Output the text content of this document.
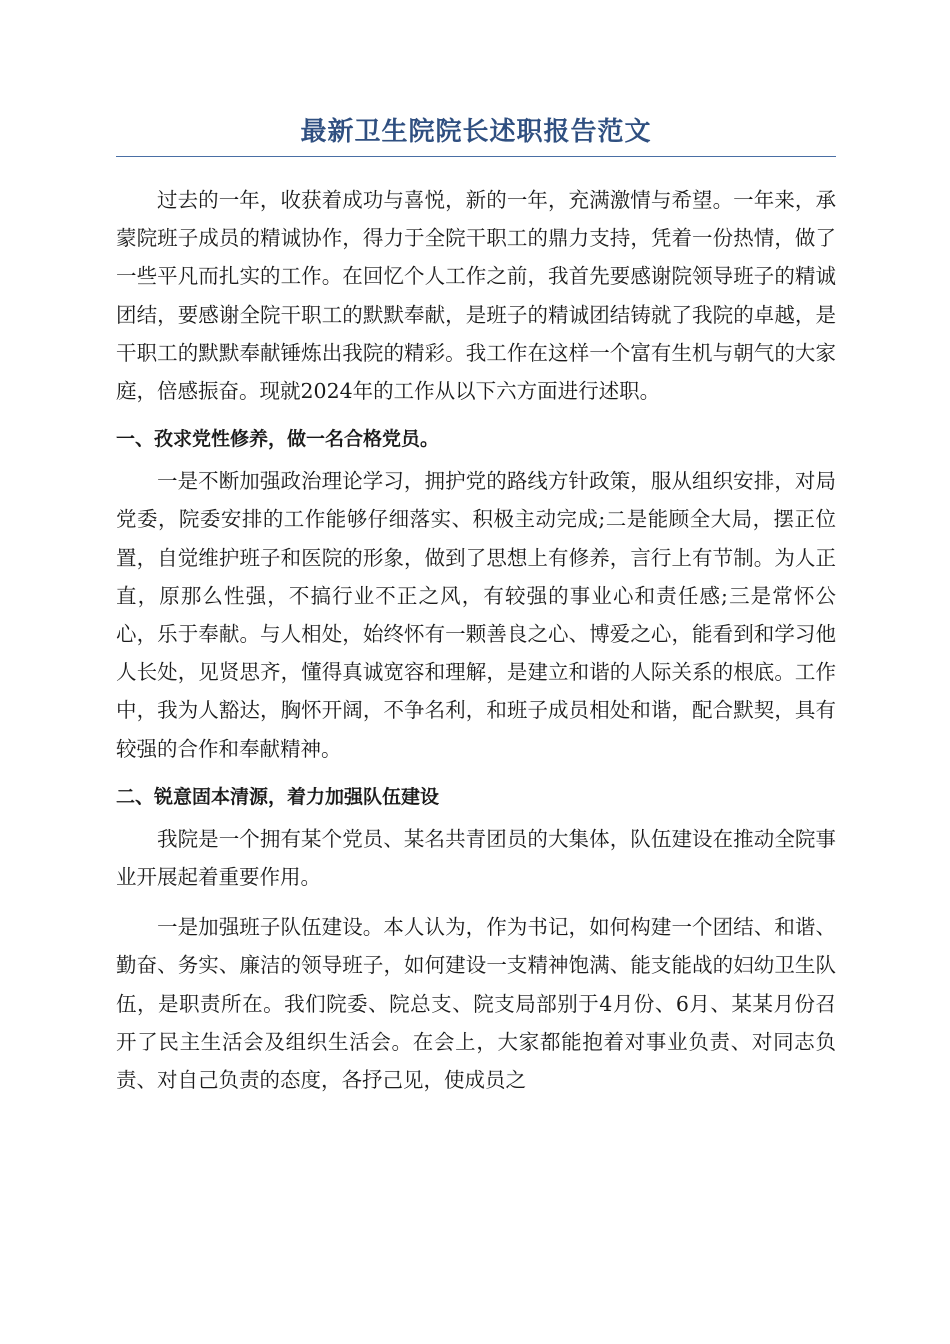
最新卫生院院长述职报告范文

过去的一年，收获着成功与喜悦，新的一年，充满激情与希望。一年来，承蒙院班子成员的精诚协作，得力于全院干职工的鼎力支持，凭着一份热情，做了一些平凡而扎实的工作。在回忆个人工作之前，我首先要感谢院领导班子的精诚团结，要感谢全院干职工的默默奉献，是班子的精诚团结铸就了我院的卓越，是干职工的默默奉献锤炼出我院的精彩。我工作在这样一个富有生机与朝气的大家庭，倍感振奋。现就2024年的工作从以下六方面进行述职。

一、孜求党性修养，做一名合格党员。

一是不断加强政治理论学习，拥护党的路线方针政策，服从组织安排，对局党委，院委安排的工作能够仔细落实、积极主动完成;二是能顾全大局，摆正位置，自觉维护班子和医院的形象，做到了思想上有修养，言行上有节制。为人正直，原那么性强，不搞行业不正之风，有较强的事业心和责任感;三是常怀公心，乐于奉献。与人相处，始终怀有一颗善良之心、博爱之心，能看到和学习他人长处，见贤思齐，懂得真诚宽容和理解，是建立和谐的人际关系的根底。工作中，我为人豁达，胸怀开阔，不争名利，和班子成员相处和谐，配合默契，具有较强的合作和奉献精神。

二、锐意固本清源，着力加强队伍建设

我院是一个拥有某个党员、某名共青团员的大集体，队伍建设在推动全院事业开展起着重要作用。

一是加强班子队伍建设。本人认为，作为书记，如何构建一个团结、和谐、勤奋、务实、廉洁的领导班子，如何建设一支精神饱满、能支能战的妇幼卫生队伍，是职责所在。我们院委、院总支、院支局部别于4月份、6月、某某月份召开了民主生活会及组织生活会。在会上，大家都能抱着对事业负责、对同志负责、对自己负责的态度，各抒己见，使成员之
